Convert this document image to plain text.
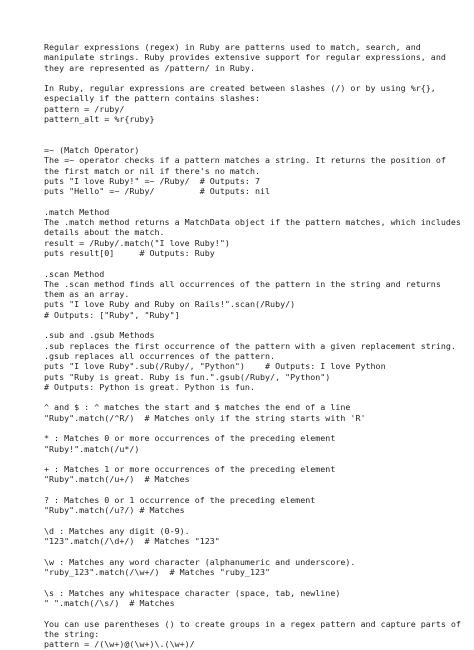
Regular expressions (regex) in Ruby are patterns used to match, search, and
manipulate strings. Ruby provides extensive support for regular expressions, and
they are represented as /pattern/ in Ruby.
In Ruby, regular expressions are created between slashes (/) or by using %r{},
especially if the pattern contains slashes:
pattern = /ruby/
pattern_alt = %r{ruby}
=~ (Match Operator)
The =~ operator checks if a pattern matches a string. It returns the position of
the first match or nil if there's no match.
puts "I love Ruby!" =~ /Ruby/  # Outputs: 7
puts "Hello" =~ /Ruby/         # Outputs: nil
.match Method
The .match method returns a MatchData object if the pattern matches, which includes
details about the match.
result = /Ruby/.match("I love Ruby!")
puts result[0]     # Outputs: Ruby
.scan Method
The .scan method finds all occurrences of the pattern in the string and returns
them as an array.
puts "I love Ruby and Ruby on Rails!".scan(/Ruby/)
# Outputs: ["Ruby", "Ruby"]
.sub and .gsub Methods
.sub replaces the first occurrence of the pattern with a given replacement string.
.gsub replaces all occurrences of the pattern.
puts "I love Ruby".sub(/Ruby/, "Python")    # Outputs: I love Python
puts "Ruby is great. Ruby is fun.".gsub(/Ruby/, "Python")
# Outputs: Python is great. Python is fun.
^ and $ : ^ matches the start and $ matches the end of a line
"Ruby".match(/^R/)  # Matches only if the string starts with 'R'
* : Matches 0 or more occurrences of the preceding element
"Ruby!".match(/u*/)
+ : Matches 1 or more occurrences of the preceding element
"Ruby".match(/u+/)  # Matches
? : Matches 0 or 1 occurrence of the preceding element
"Ruby".match(/u?/) # Matches
\d : Matches any digit (0-9).
"123".match(/\d+/)  # Matches "123"
\w : Matches any word character (alphanumeric and underscore).
"ruby_123".match(/\w+/)  # Matches "ruby_123"
\s : Matches any whitespace character (space, tab, newline)
" ".match(/\s/)  # Matches
You can use parentheses () to create groups in a regex pattern and capture parts of
the string:
pattern = /(\w+)@(\w+)\.(\w+)/
